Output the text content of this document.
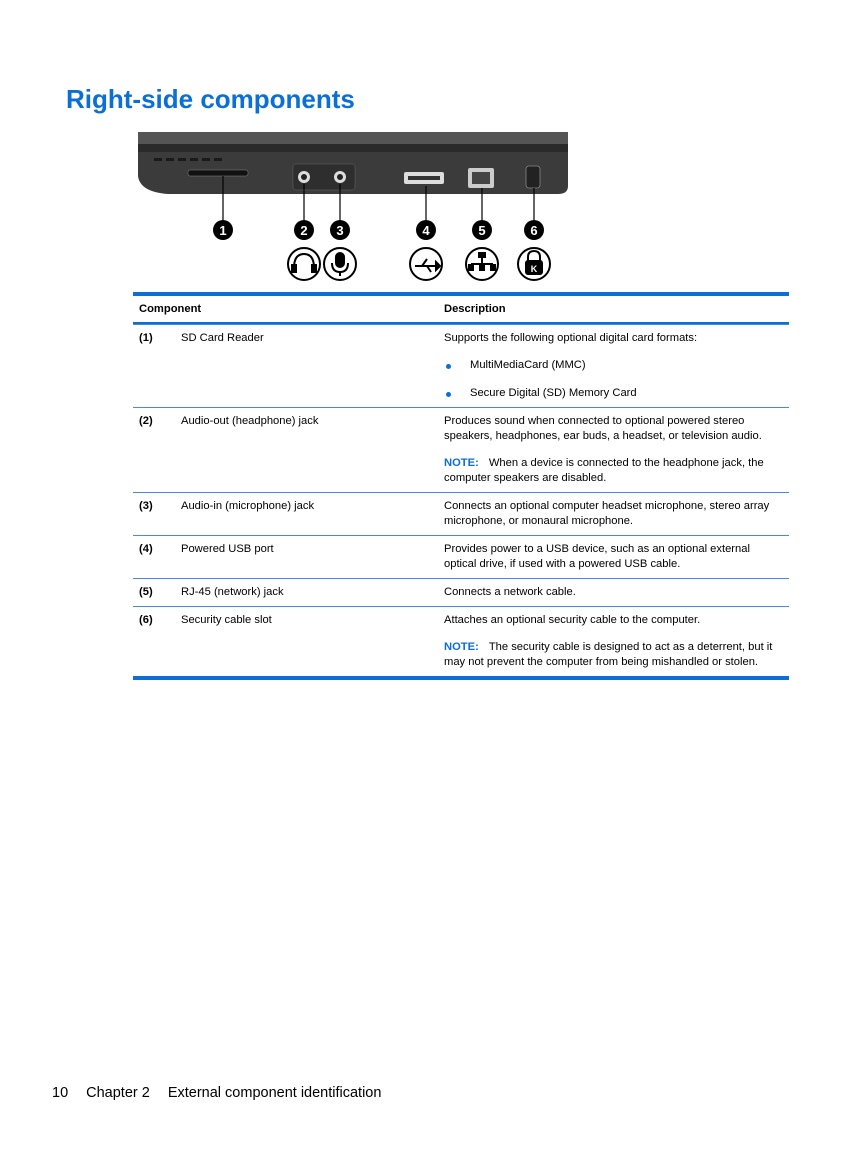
Right-side components
1	2 3	4	5	6
K
Component	Description
(1)	SD Card Reader	Supports the following optional digital card formats:

MultiMediaCard (MMC)
Secure Digital (SD) Memory Card
(2)	Audio-out (headphone) jack	Produces sound when connected to optional powered stereo speakers, headphones, ear buds, a headset, or television audio.

NOTE: When a device is connected to the headphone jack, the computer speakers are disabled.

(3)	Audio-in (microphone) jack	Connects an optional computer headset microphone, stereo array microphone, or monaural microphone.

(4)	Powered USB port	Provides power to a USB device, such as an optional external optical drive, if used with a powered USB cable.

(5)	RJ-45 (network) jack	Connects a network cable.

(6)	Security cable slot	Attaches an optional security cable to the computer.

NOTE: The security cable is designed to act as a deterrent, but it may not prevent the computer from being mishandled or stolen.

10 Chapter 2 External component identification
